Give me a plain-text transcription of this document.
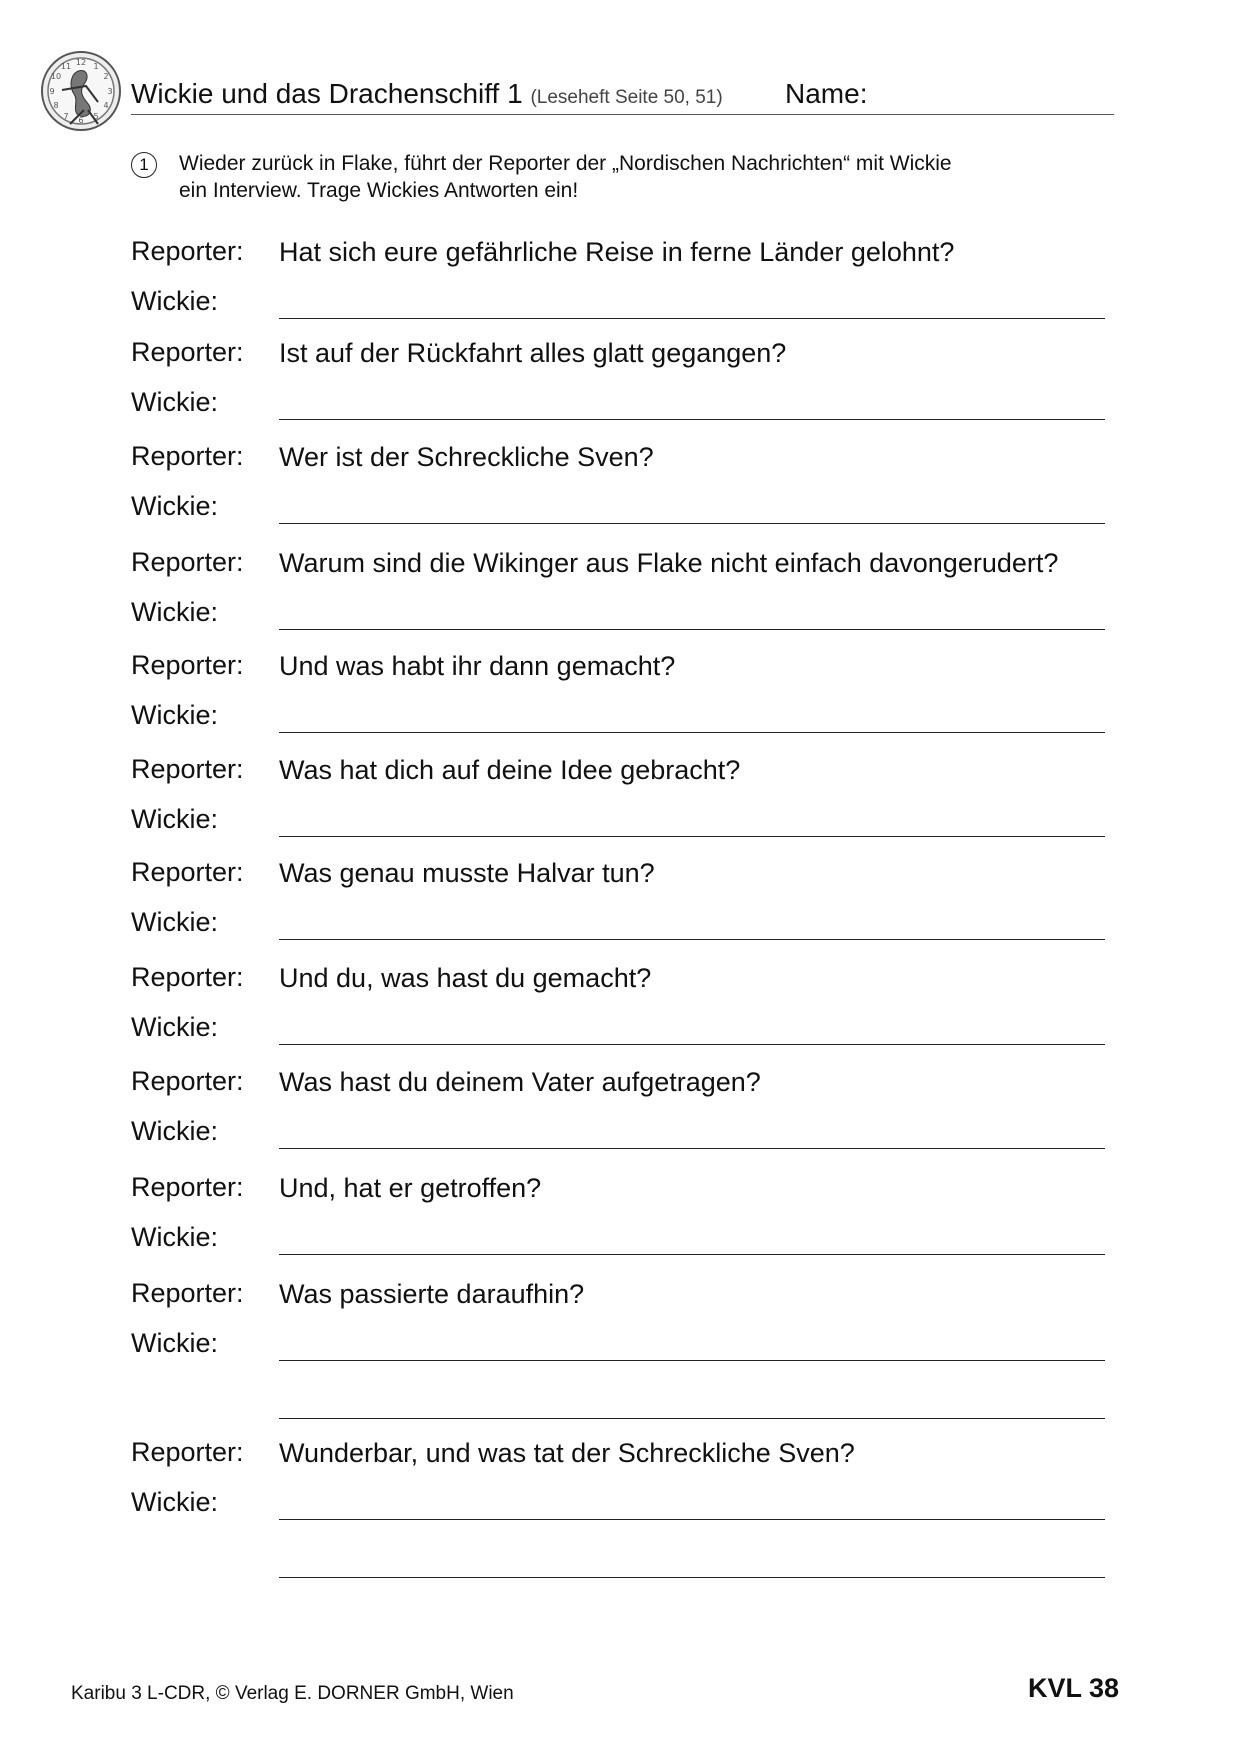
12 1
2
3
4
5
6
7
8
9
10
11
Wickie und das Drachenschiff 1 (Leseheft Seite 50, 51) Name:
1	Wieder zurück in Flake, führt der Reporter der „Nordischen Nachrichten“ mit Wickie
ein Interview. Trage Wickies Antworten ein!
Karibu 3 L-CDR, © Verlag E. DORNER GmbH, Wien	KVL 38
Reporter: Hat sich eure gefährliche Reise in ferne Länder gelohnt?
Wickie:
Reporter: Ist auf der Rückfahrt alles glatt gegangen?
Wickie:
Reporter: Wer ist der Schreckliche Sven?
Wickie:
Reporter: Warum sind die Wikinger aus Flake nicht einfach davongerudert?
Wickie:
Reporter: Und was habt ihr dann gemacht?
Wickie:
Reporter: Was hat dich auf deine Idee gebracht?
Wickie:
Reporter: Was genau musste Halvar tun?
Wickie:
Reporter: Und du, was hast du gemacht?
Wickie:
Reporter: Was hast du deinem Vater aufgetragen?
Wickie:
Reporter: Und, hat er getroffen?
Wickie:
Reporter: Was passierte daraufhin?
Wickie:
Reporter: Wunderbar, und was tat der Schreckliche Sven?
Wickie:
